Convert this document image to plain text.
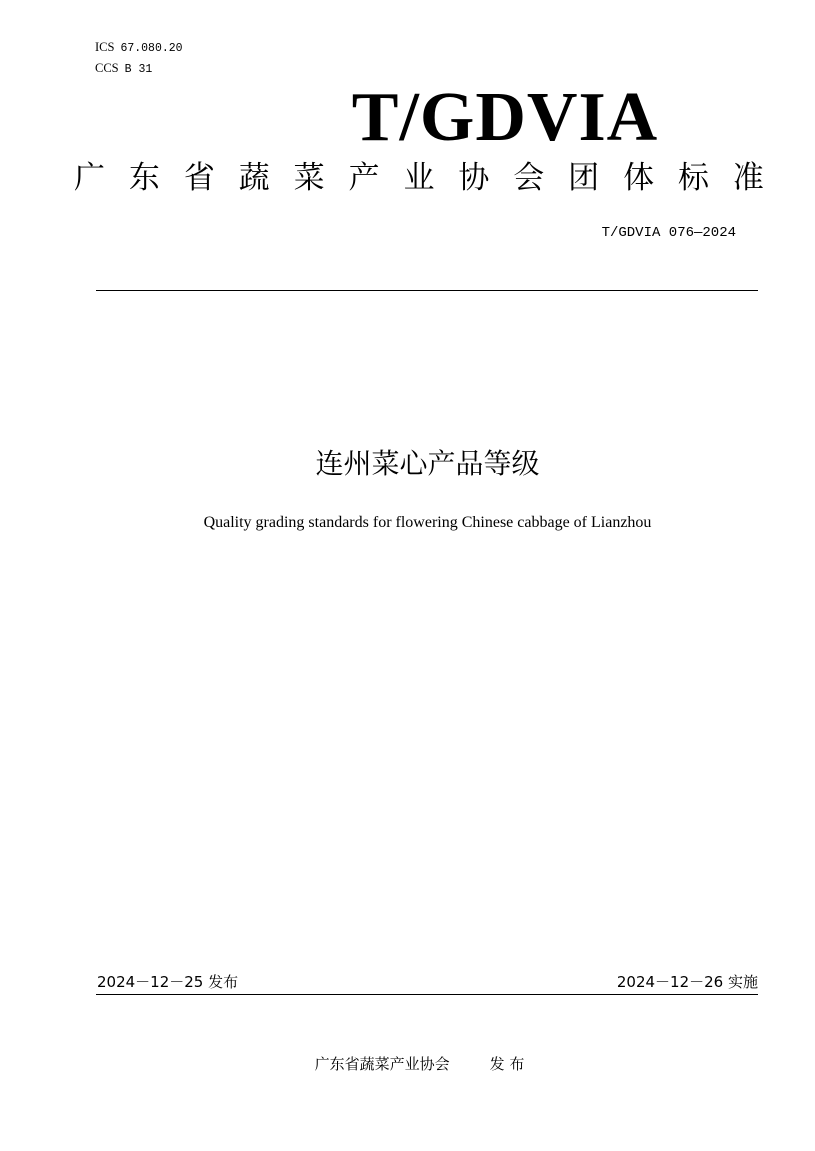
ICS 67.080.20
CCS B 31
T/GDVIA
广 东 省 蔬 菜 产 业 协 会 团 体 标 准
T/GDVIA 076—2024
连州菜心产品等级
Quality grading standards for flowering Chinese cabbage of Lianzhou
2024－12－25 发布	2024－12－26 实施
广东省蔬菜产业协会	发 布
